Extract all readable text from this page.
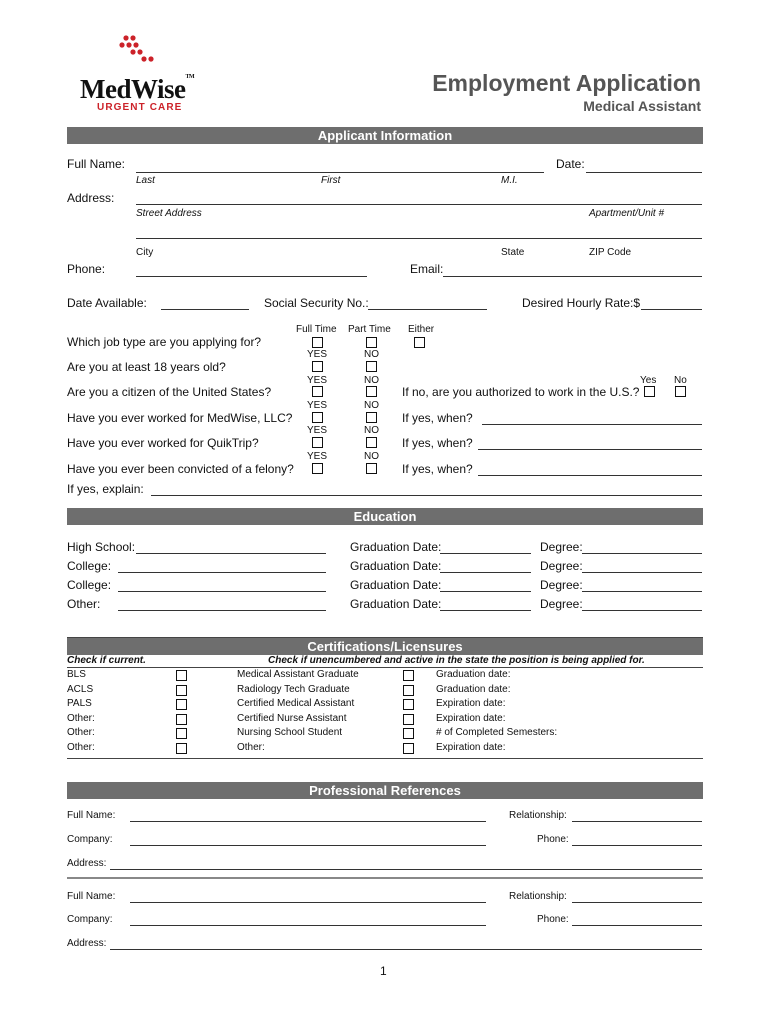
MedWise™
URGENT CARE
Employment Application
Medical Assistant
Applicant Information
Full Name:	Date:
Last	First	M.I.
Address:
Street Address	Apartment/Unit #
City	State	ZIP Code
Phone:	Email:
Date Available:	Social Security No.:	Desired Hourly Rate:$
Full Time Part Time Either
Which job type are you applying for?
YES	NO
Are you at least 18 years old?
YES	NO	Yes No
Are you a citizen of the United States?	If no, are you authorized to work in the U.S.?
YES	NO
Have you ever worked for MedWise, LLC?	If yes, when?
YES	NO
Have you ever worked for QuikTrip?	If yes, when?
YES	NO
Have you ever been convicted of a felony?	If yes, when?
If yes, explain:
Education
High School:	Graduation Date:	Degree:
College:	Graduation Date:	Degree:
College:	Graduation Date:	Degree:
Other:	Graduation Date:	Degree:
Certifications/Licensures
Check if current.	Check if unencumbered and active in the state the position is being applied for.
BLS	Medical Assistant Graduate	Graduation date:
ACLS	Radiology Tech Graduate	Graduation date:
PALS	Certified Medical Assistant	Expiration date:
Other:	Certified Nurse Assistant	Expiration date:
Other:	Nursing School Student	# of Completed Semesters:
Other:	Other:	Expiration date:
Professional References
Full Name:	Relationship:
Company:	Phone:
Address:
Full Name:	Relationship:
Company:	Phone:
Address:
1
